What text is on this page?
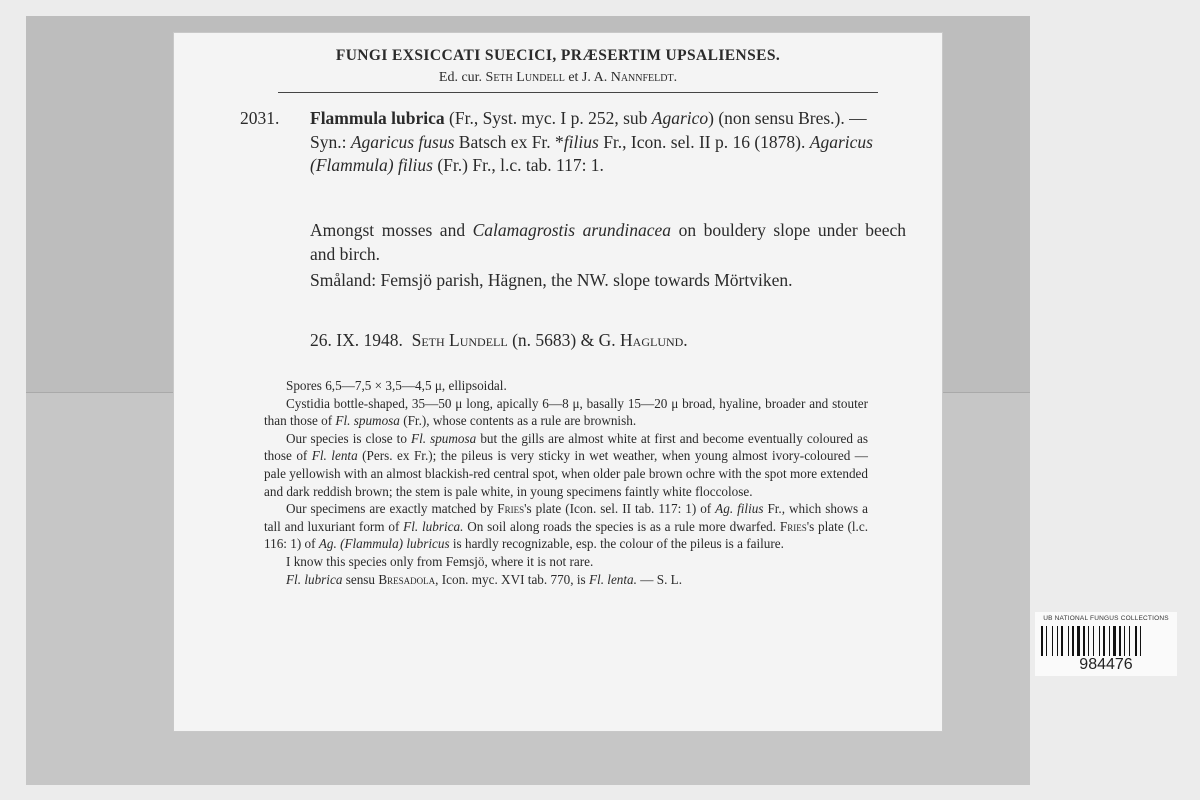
FUNGI EXSICCATI SUECICI, PRÆSERTIM UPSALIENSES.
Ed. cur. Seth Lundell et J. A. Nannfeldt.
2031. Flammula lubrica (Fr., Syst. myc. I p. 252, sub Agarico) (non sensu Bres.). — Syn.: Agaricus fusus Batsch ex Fr. *filius Fr., Icon. sel. II p. 16 (1878). Agaricus (Flammula) filius (Fr.) Fr., l.c. tab. 117: 1.
Amongst mosses and Calamagrostis arundinacea on bouldery slope under beech and birch.
Småland: Femsjö parish, Hägnen, the NW. slope towards Mörtviken.
26. IX. 1948. Seth Lundell (n. 5683) & G. Haglund.

Spores 6,5—7,5 × 3,5—4,5 μ, ellipsoidal.

Cystidia bottle-shaped, 35—50 μ long, apically 6—8 μ, basally 15—20 μ broad, hyaline, broader and stouter than those of Fl. spumosa (Fr.), whose contents as a rule are brownish.

Our species is close to Fl. spumosa but the gills are almost white at first and become eventually coloured as those of Fl. lenta (Pers. ex Fr.); the pileus is very sticky in wet weather, when young almost ivory-coloured — pale yellowish with an almost blackish-red central spot, when older pale brown ochre with the spot more extended and dark reddish brown; the stem is pale white, in young specimens faintly white floccolose.

Our specimens are exactly matched by Fries's plate (Icon. sel. II tab. 117: 1) of Ag. filius Fr., which shows a tall and luxuriant form of Fl. lubrica. On soil along roads the species is as a rule more dwarfed. Fries's plate (l.c. 116: 1) of Ag. (Flammula) lubricus is hardly recognizable, esp. the colour of the pileus is a failure.

I know this species only from Femsjö, where it is not rare.

Fl. lubrica sensu Bresadola, Icon. myc. XVI tab. 770, is Fl. lenta. — S. L.

UB NATIONAL FUNGUS COLLECTIONS
984476
